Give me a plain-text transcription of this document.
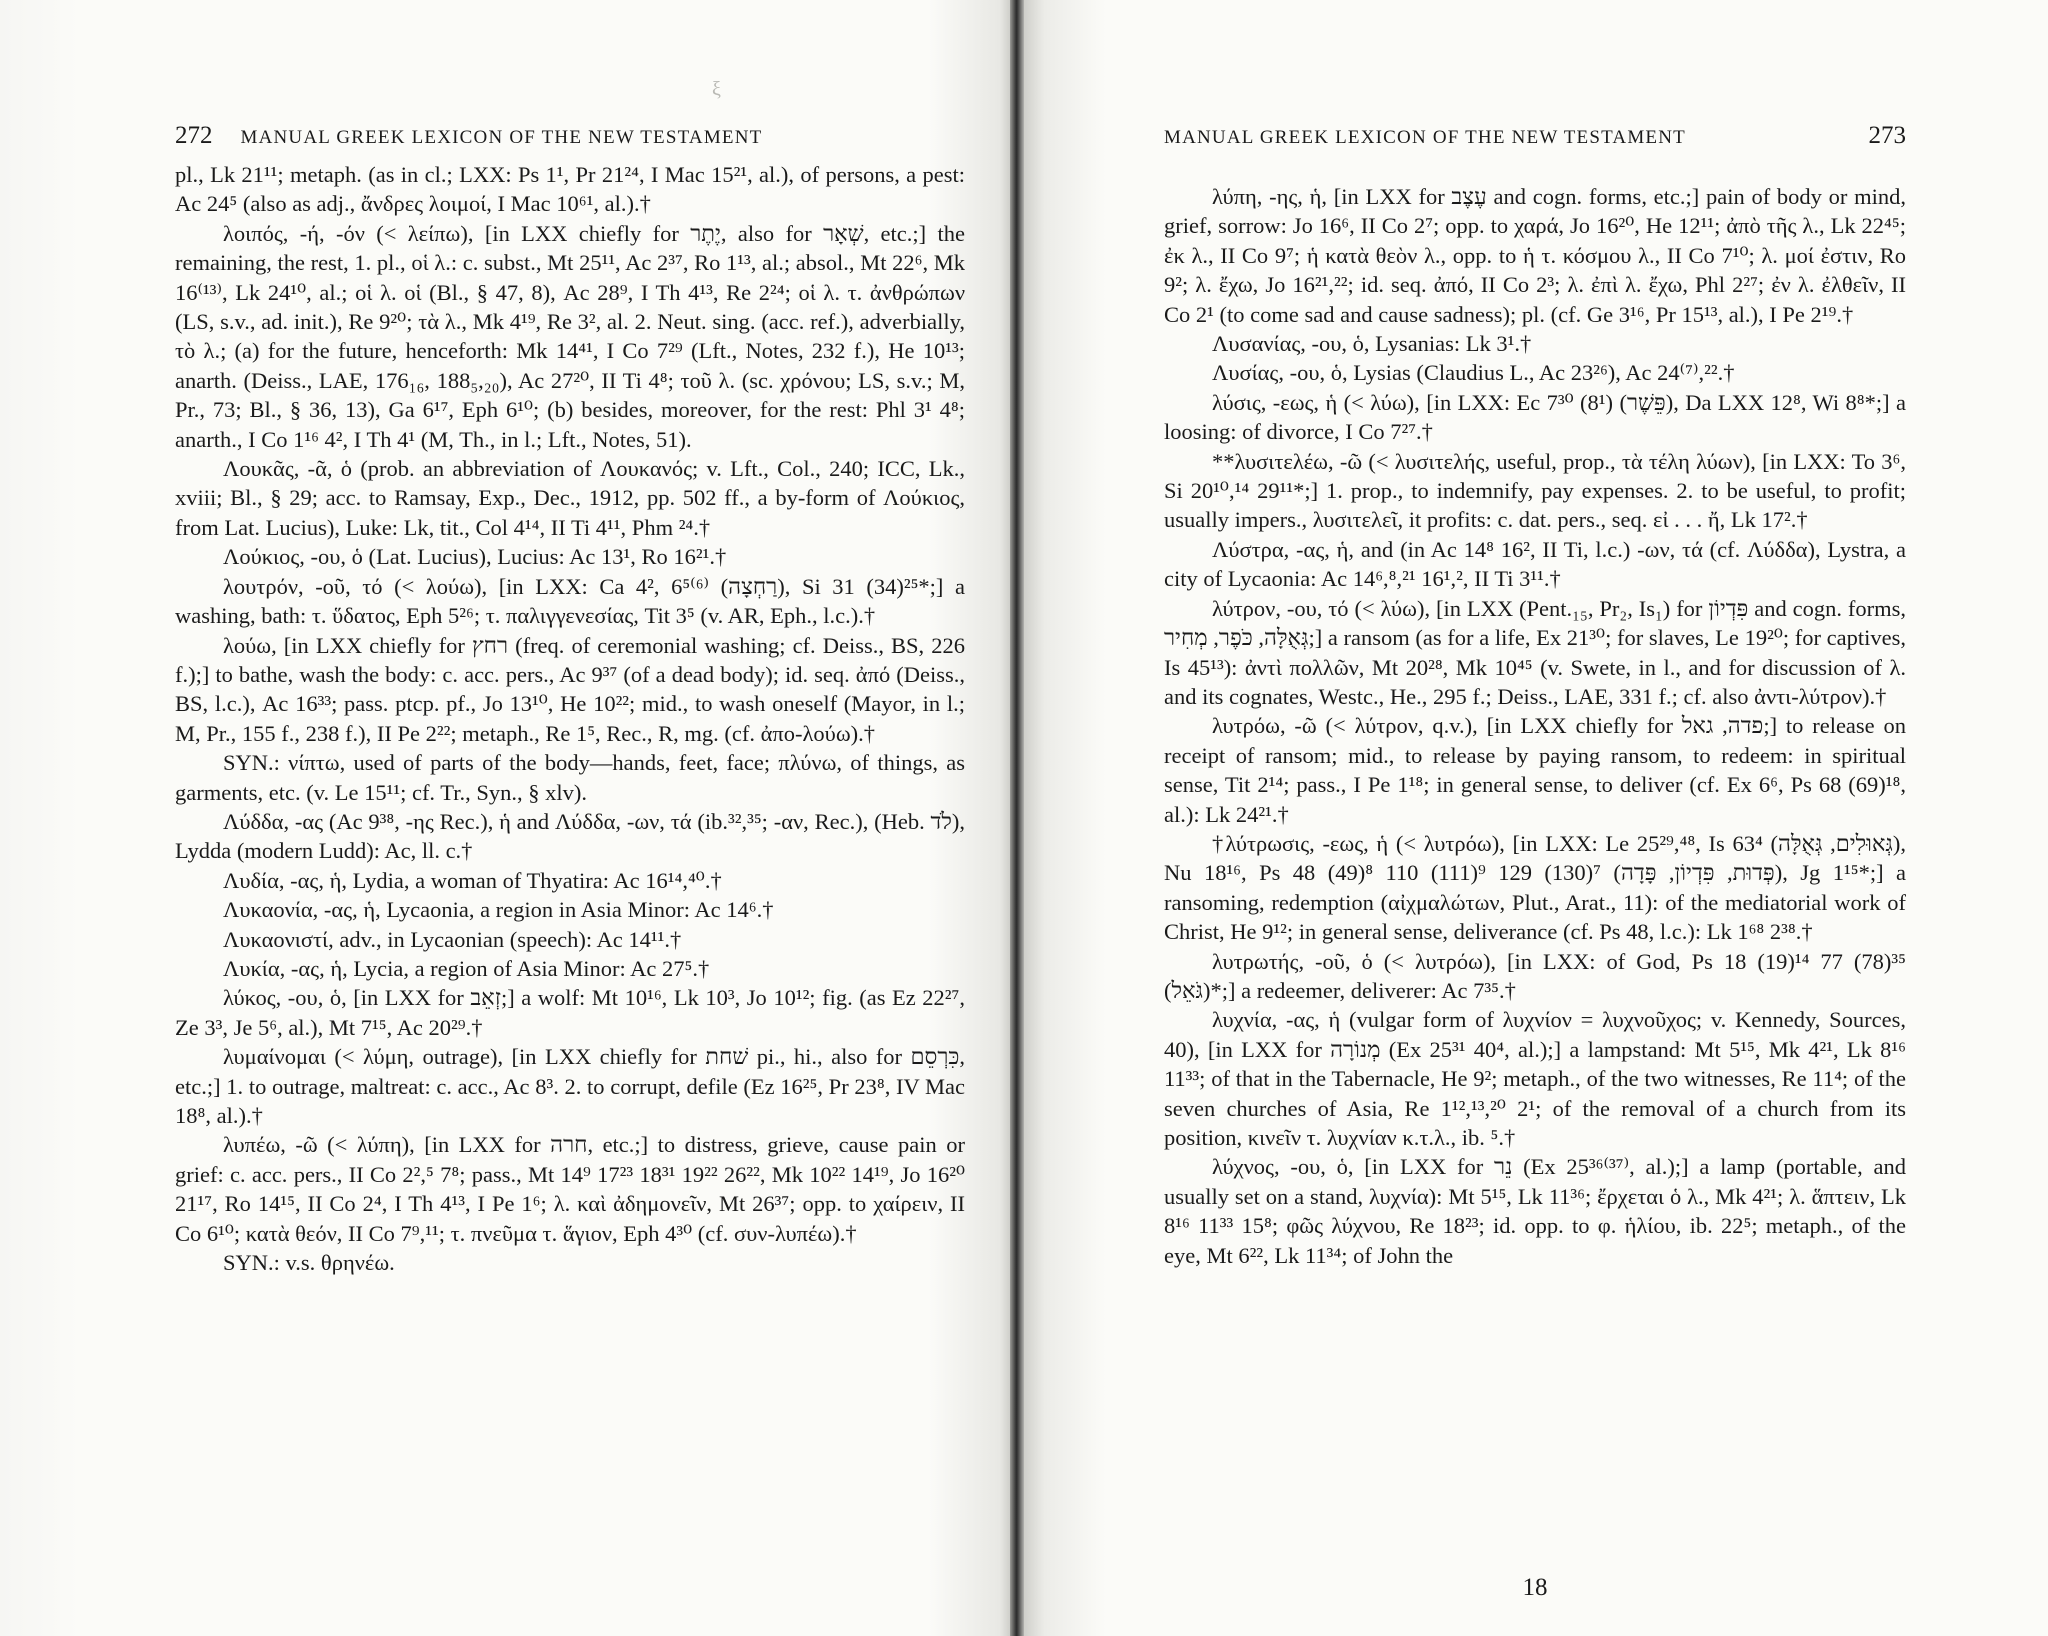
ξ
272 MANUAL GREEK LEXICON OF THE NEW TESTAMENT

pl., Lk 21¹¹; metaph. (as in cl.; LXX: Ps 1¹, Pr 21²⁴, I Mac 15²¹, al.), of persons, a pest: Ac 24⁵ (also as adj., ἄνδρες λοιμοί, I Mac 10⁶¹, al.).†

λοιπός, -ή, -όν (< λείπω), [in LXX chiefly for יֶתֶר, also for שְׁאָר, etc.;] the remaining, the rest, 1. pl., οἱ λ.: c. subst., Mt 25¹¹, Ac 2³⁷, Ro 1¹³, al.; absol., Mt 22⁶, Mk 16⁽¹³⁾, Lk 24¹⁰, al.; οἱ λ. οἱ (Bl., § 47, 8), Ac 28⁹, I Th 4¹³, Re 2²⁴; οἱ λ. τ. ἀνθρώπων (LS, s.v., ad. init.), Re 9²⁰; τὰ λ., Mk 4¹⁹, Re 3², al. 2. Neut. sing. (acc. ref.), adverbially, τὸ λ.; (a) for the future, henceforth: Mk 14⁴¹, I Co 7²⁹ (Lft., Notes, 232 f.), He 10¹³; anarth. (Deiss., LAE, 176₁₆, 188₅,₂₀), Ac 27²⁰, II Ti 4⁸; τοῦ λ. (sc. χρόνου; LS, s.v.; M, Pr., 73; Bl., § 36, 13), Ga 6¹⁷, Eph 6¹⁰; (b) besides, moreover, for the rest: Phl 3¹ 4⁸; anarth., I Co 1¹⁶ 4², I Th 4¹ (M, Th., in l.; Lft., Notes, 51).

Λουκᾶς, -ᾶ, ὁ (prob. an abbreviation of Λουκανός; v. Lft., Col., 240; ICC, Lk., xviii; Bl., § 29; acc. to Ramsay, Exp., Dec., 1912, pp. 502 ff., a by-form of Λούκιος, from Lat. Lucius), Luke: Lk, tit., Col 4¹⁴, II Ti 4¹¹, Phm ²⁴.†

Λούκιος, -ου, ὁ (Lat. Lucius), Lucius: Ac 13¹, Ro 16²¹.†

λουτρόν, -οῦ, τό (< λούω), [in LXX: Ca 4², 6⁵⁽⁶⁾ (רַחְצָה), Si 31 (34)²⁵*;] a washing, bath: τ. ὕδατος, Eph 5²⁶; τ. παλιγγενεσίας, Tit 3⁵ (v. AR, Eph., l.c.).†

λούω, [in LXX chiefly for רחץ (freq. of ceremonial washing; cf. Deiss., BS, 226 f.);] to bathe, wash the body: c. acc. pers., Ac 9³⁷ (of a dead body); id. seq. ἀπό (Deiss., BS, l.c.), Ac 16³³; pass. ptcp. pf., Jo 13¹⁰, He 10²²; mid., to wash oneself (Mayor, in l.; M, Pr., 155 f., 238 f.), II Pe 2²²; metaph., Re 1⁵, Rec., R, mg. (cf. ἀπο-λούω).†

SYN.: νίπτω, used of parts of the body—hands, feet, face; πλύνω, of things, as garments, etc. (v. Le 15¹¹; cf. Tr., Syn., § xlv).

Λύδδα, -ας (Ac 9³⁸, -ης Rec.), ἡ and Λύδδα, -ων, τά (ib.³²,³⁵; -αν, Rec.), (Heb. לֹד), Lydda (modern Ludd): Ac, ll. c.†

Λυδία, -ας, ἡ, Lydia, a woman of Thyatira: Ac 16¹⁴,⁴⁰.†

Λυκαονία, -ας, ἡ, Lycaonia, a region in Asia Minor: Ac 14⁶.†

Λυκαονιστί, adv., in Lycaonian (speech): Ac 14¹¹.†

Λυκία, -ας, ἡ, Lycia, a region of Asia Minor: Ac 27⁵.†

λύκος, -ου, ὁ, [in LXX for זְאֵב;] a wolf: Mt 10¹⁶, Lk 10³, Jo 10¹²; fig. (as Ez 22²⁷, Ze 3³, Je 5⁶, al.), Mt 7¹⁵, Ac 20²⁹.†

λυμαίνομαι (< λύμη, outrage), [in LXX chiefly for שׁחת pi., hi., also for כִּרְסֵם, etc.;] 1. to outrage, maltreat: c. acc., Ac 8³. 2. to corrupt, defile (Ez 16²⁵, Pr 23⁸, IV Mac 18⁸, al.).†

λυπέω, -ῶ (< λύπη), [in LXX for חרה, etc.;] to distress, grieve, cause pain or grief: c. acc. pers., II Co 2²,⁵ 7⁸; pass., Mt 14⁹ 17²³ 18³¹ 19²² 26²², Mk 10²² 14¹⁹, Jo 16²⁰ 21¹⁷, Ro 14¹⁵, II Co 2⁴, I Th 4¹³, I Pe 1⁶; λ. καὶ ἀδημονεῖν, Mt 26³⁷; opp. to χαίρειν, II Co 6¹⁰; κατὰ θεόν, II Co 7⁹,¹¹; τ. πνεῦμα τ. ἅγιον, Eph 4³⁰ (cf. συν-λυπέω).†

SYN.: v.s. θρηνέω.

MANUAL GREEK LEXICON OF THE NEW TESTAMENT	273

λύπη, -ης, ἡ, [in LXX for עֶצֶב and cogn. forms, etc.;] pain of body or mind, grief, sorrow: Jo 16⁶, II Co 2⁷; opp. to χαρά, Jo 16²⁰, He 12¹¹; ἀπὸ τῆς λ., Lk 22⁴⁵; ἐκ λ., II Co 9⁷; ἡ κατὰ θεὸν λ., opp. to ἡ τ. κόσμου λ., II Co 7¹⁰; λ. μοί ἐστιν, Ro 9²; λ. ἔχω, Jo 16²¹,²²; id. seq. ἀπό, II Co 2³; λ. ἐπὶ λ. ἔχω, Phl 2²⁷; ἐν λ. ἐλθεῖν, II Co 2¹ (to come sad and cause sadness); pl. (cf. Ge 3¹⁶, Pr 15¹³, al.), I Pe 2¹⁹.†

Λυσανίας, -ου, ὁ, Lysanias: Lk 3¹.†

Λυσίας, -ου, ὁ, Lysias (Claudius L., Ac 23²⁶), Ac 24⁽⁷⁾,²².†

λύσις, -εως, ἡ (< λύω), [in LXX: Ec 7³⁰ (8¹) (פֵּשֶׁר), Da LXX 12⁸, Wi 8⁸*;] a loosing: of divorce, I Co 7²⁷.†

**λυσιτελέω, -ῶ (< λυσιτελής, useful, prop., τὰ τέλη λύων), [in LXX: To 3⁶, Si 20¹⁰,¹⁴ 29¹¹*;] 1. prop., to indemnify, pay expenses. 2. to be useful, to profit; usually impers., λυσιτελεῖ, it profits: c. dat. pers., seq. εἰ . . . ἤ, Lk 17².†

Λύστρα, -ας, ἡ, and (in Ac 14⁸ 16², II Ti, l.c.) -ων, τά (cf. Λύδδα), Lystra, a city of Lycaonia: Ac 14⁶,⁸,²¹ 16¹,², II Ti 3¹¹.†

λύτρον, -ου, τό (< λύω), [in LXX (Pent.₁₅, Pr₂, Is₁) for פִּדְיוֹן and cogn. forms, גְּאֻלָּה, כֹּפֶר, מְחִיר;] a ransom (as for a life, Ex 21³⁰; for slaves, Le 19²⁰; for captives, Is 45¹³): ἀντὶ πολλῶν, Mt 20²⁸, Mk 10⁴⁵ (v. Swete, in l., and for discussion of λ. and its cognates, Westc., He., 295 f.; Deiss., LAE, 331 f.; cf. also ἀντι-λύτρον).†

λυτρόω, -ῶ (< λύτρον, q.v.), [in LXX chiefly for פדה, גאל;] to release on receipt of ransom; mid., to release by paying ransom, to redeem: in spiritual sense, Tit 2¹⁴; pass., I Pe 1¹⁸; in general sense, to deliver (cf. Ex 6⁶, Ps 68 (69)¹⁸, al.): Lk 24²¹.†

†λύτρωσις, -εως, ἡ (< λυτρόω), [in LXX: Le 25²⁹,⁴⁸, Is 63⁴ (גְּאוּלִים, גְּאֻלָּה), Nu 18¹⁶, Ps 48 (49)⁸ 110 (111)⁹ 129 (130)⁷ (פְּדוּת, פִּדְיוֹן, פָּדָה), Jg 1¹⁵*;] a ransoming, redemption (αἰχμαλώτων, Plut., Arat., 11): of the mediatorial work of Christ, He 9¹²; in general sense, deliverance (cf. Ps 48, l.c.): Lk 1⁶⁸ 2³⁸.†

λυτρωτής, -οῦ, ὁ (< λυτρόω), [in LXX: of God, Ps 18 (19)¹⁴ 77 (78)³⁵ (גֹּאֵל)*;] a redeemer, deliverer: Ac 7³⁵.†

λυχνία, -ας, ἡ (vulgar form of λυχνίον = λυχνοῦχος; v. Kennedy, Sources, 40), [in LXX for מְנוֹרָה (Ex 25³¹ 40⁴, al.);] a lampstand: Mt 5¹⁵, Mk 4²¹, Lk 8¹⁶ 11³³; of that in the Tabernacle, He 9²; metaph., of the two witnesses, Re 11⁴; of the seven churches of Asia, Re 1¹²,¹³,²⁰ 2¹; of the removal of a church from its position, κινεῖν τ. λυχνίαν κ.τ.λ., ib. ⁵.†

λύχνος, -ου, ὁ, [in LXX for נֵר (Ex 25³⁶⁽³⁷⁾, al.);] a lamp (portable, and usually set on a stand, λυχνία): Mt 5¹⁵, Lk 11³⁶; ἔρχεται ὁ λ., Mk 4²¹; λ. ἅπτειν, Lk 8¹⁶ 11³³ 15⁸; φῶς λύχνου, Re 18²³; id. opp. to φ. ἡλίου, ib. 22⁵; metaph., of the eye, Mt 6²², Lk 11³⁴; of John the

18
